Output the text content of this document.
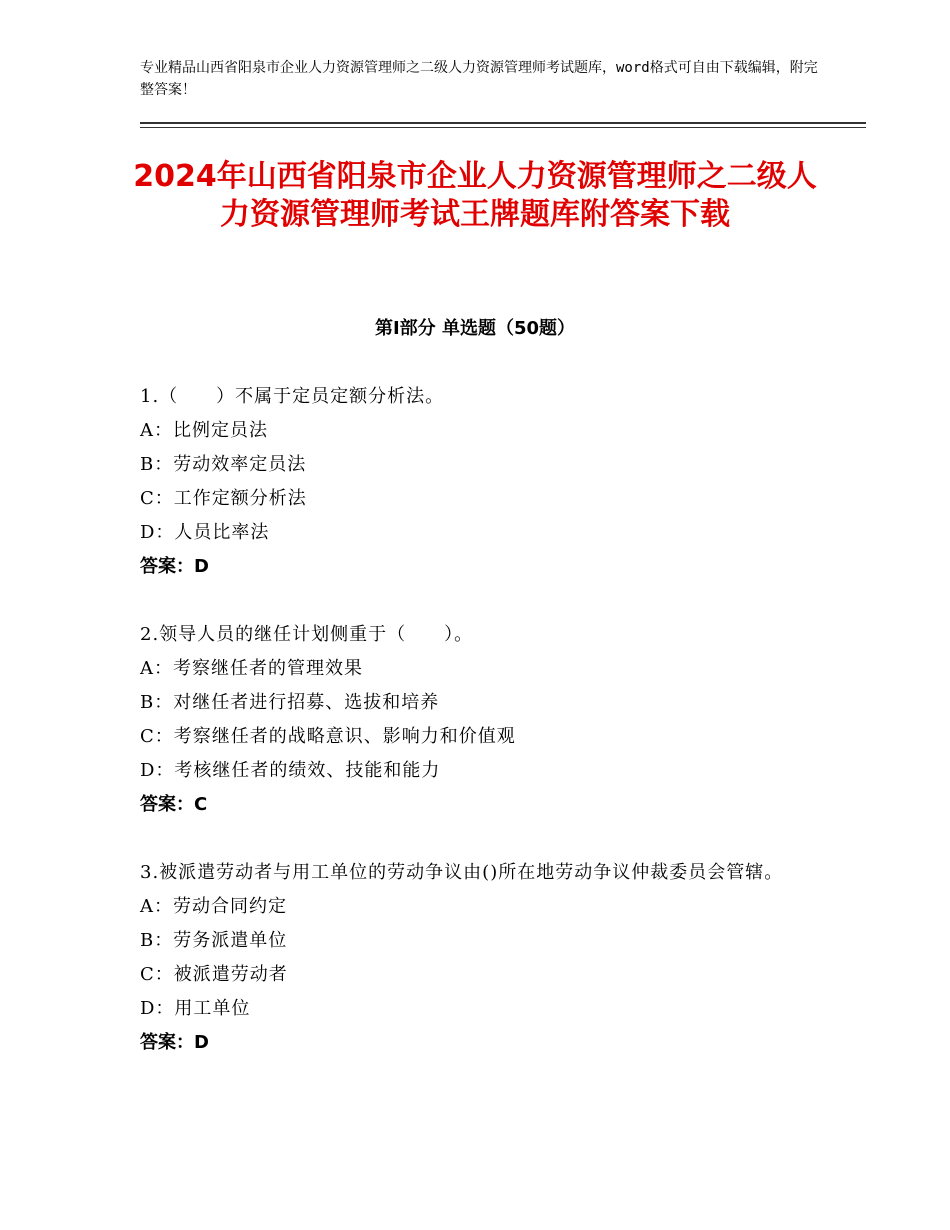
专业精品山西省阳泉市企业人力资源管理师之二级人力资源管理师考试题库，word格式可自由下载编辑，附完整答案！
2024年山西省阳泉市企业人力资源管理师之二级人力资源管理师考试王牌题库附答案下载
第Ⅰ部分 单选题（50题）

1.（　　）不属于定员定额分析法。

A：比例定员法

B：劳动效率定员法

C：工作定额分析法

D：人员比率法

答案：D

2.领导人员的继任计划侧重于（　　）。

A：考察继任者的管理效果

B：对继任者进行招募、选拔和培养

C：考察继任者的战略意识、影响力和价值观

D：考核继任者的绩效、技能和能力

答案：C

3.被派遣劳动者与用工单位的劳动争议由()所在地劳动争议仲裁委员会管辖。

A：劳动合同约定

B：劳务派遣单位

C：被派遣劳动者

D：用工单位

答案：D
